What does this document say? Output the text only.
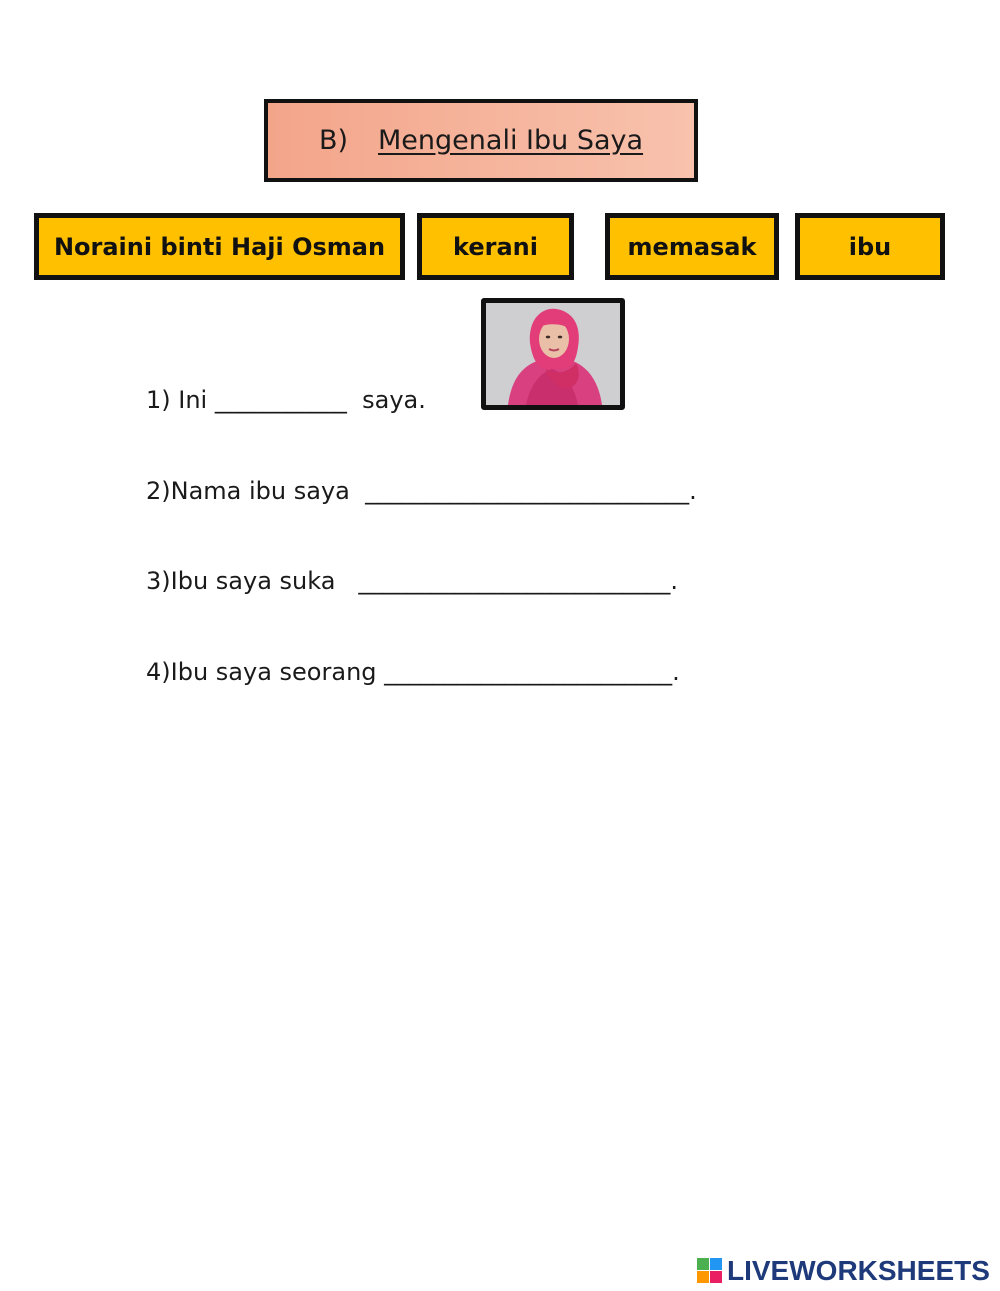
B) Mengenali Ibu Saya
Noraini binti Haji Osman	kerani	memasak	ibu
1) Ini ___________  saya.
2)Nama ibu saya  ___________________________.
3)Ibu saya suka   __________________________.
4)Ibu saya seorang ________________________.
LIVEWORKSHEETS
